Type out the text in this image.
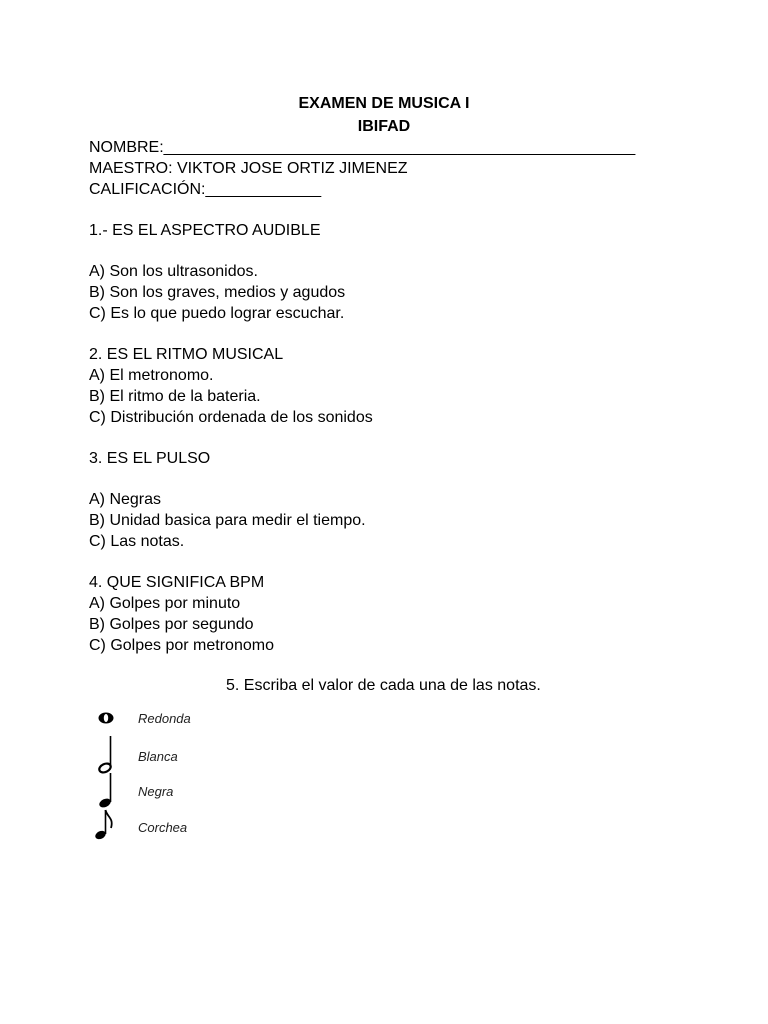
EXAMEN DE MUSICA I
IBIFAD
NOMBRE:_____________________________________________________
MAESTRO: VIKTOR JOSE ORTIZ JIMENEZ
CALIFICACIÓN:_____________
1.- ES EL ASPECTRO AUDIBLE
A) Son los ultrasonidos.
B) Son los graves, medios y agudos
C) Es lo que puedo lograr escuchar.
2. ES EL RITMO MUSICAL
A) El metronomo.
B) El ritmo de la bateria.
C) Distribución ordenada de los sonidos
3. ES EL PULSO
A) Negras
B) Unidad basica para medir el tiempo.
C) Las notas.
4. QUE SIGNIFICA BPM
A) Golpes por minuto
B) Golpes por segundo
C) Golpes por metronomo
5. Escriba el valor de cada una de las notas.
Redonda
Blanca
Negra
Corchea
